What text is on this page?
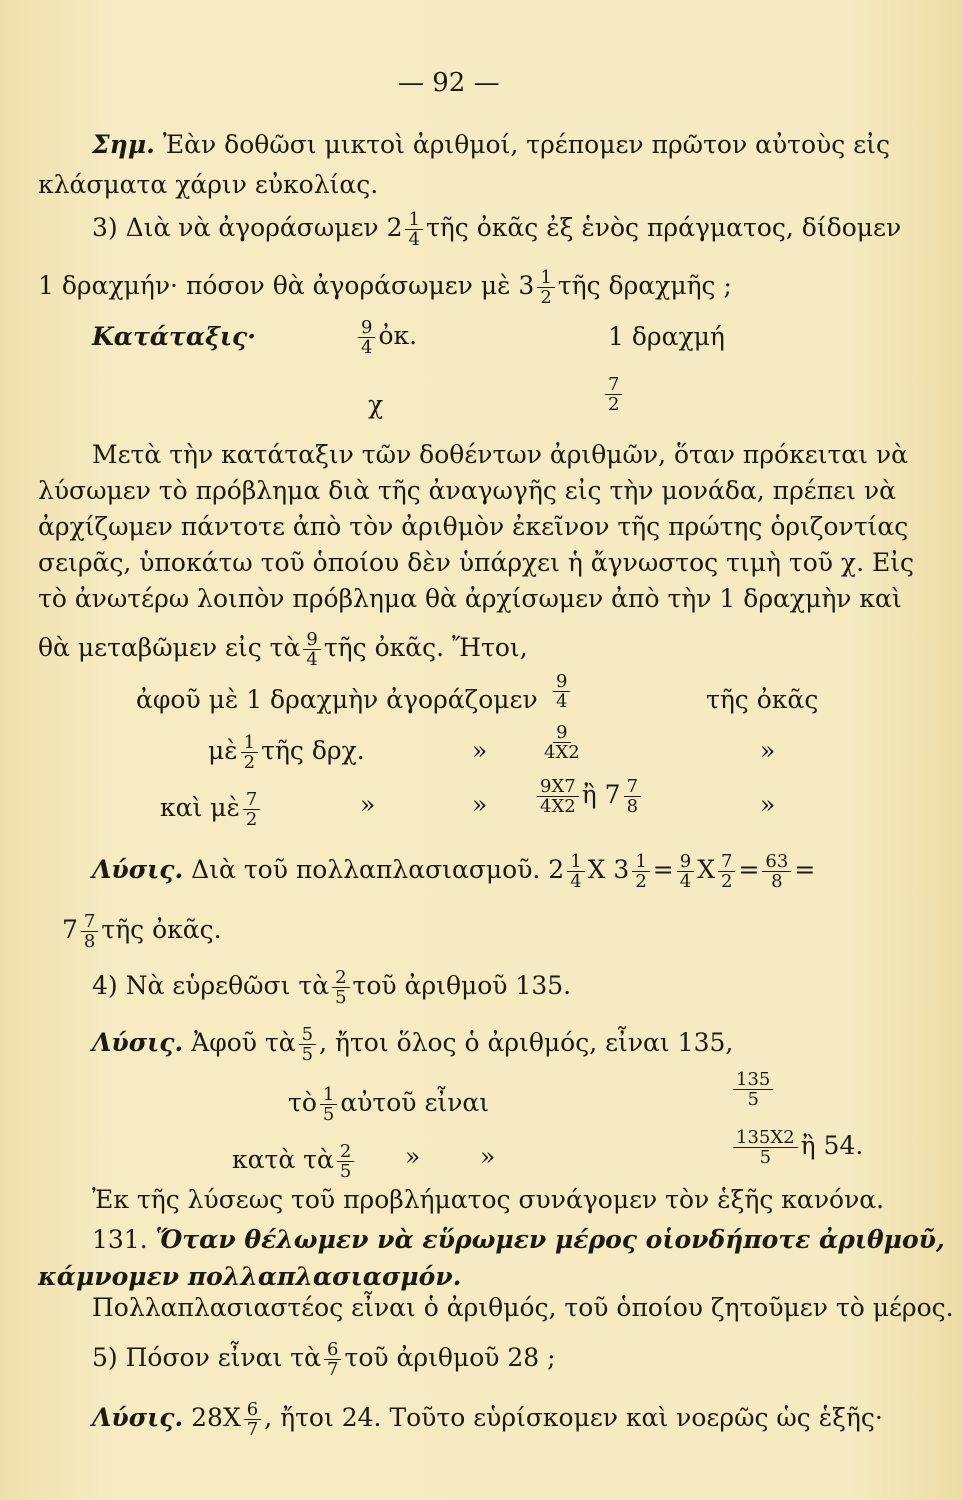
— 92 —
Σημ. Ἐὰν δοθῶσι μικτοὶ ἀριθμοί, τρέπομεν πρῶτον αὐτοὺς εἰς
κλάσματα χάριν εὐκολίας.
3) Διὰ νὰ ἀγοράσωμεν $2 \frac{1}{4}$ τῆς ὀκᾶς ἐξ ἑνὸς πράγματος, δίδομεν
1 δραχμήν· πόσον θὰ ἀγοράσωμεν μὲ $3 \frac{1}{2}$ τῆς δραχμῆς ;
Κατάταξις·	$\frac{9}{4}$ ὀκ.	1 δραχμή
χ	$\frac{7}{2}$
Μετὰ τὴν κατάταξιν τῶν δοθέντων ἀριθμῶν, ὅταν πρόκειται νὰ
λύσωμεν τὸ πρόβλημα διὰ τῆς ἀναγωγῆς εἰς τὴν μονάδα, πρέπει νὰ
ἀρχίζωμεν πάντοτε ἀπὸ τὸν ἀριθμὸν ἐκεῖνον τῆς πρώτης ὁριζοντίας
σειρᾶς, ὑποκάτω τοῦ ὁποίου δὲν ὑπάρχει ἡ ἄγνωστος τιμὴ τοῦ χ. Εἰς
τὸ ἀνωτέρω λοιπὸν πρόβλημα θὰ ἀρχίσωμεν ἀπὸ τὴν 1 δραχμὴν καὶ
θὰ μεταβῶμεν εἰς τὰ $\frac{9}{4}$ τῆς ὀκᾶς. Ἤτοι,
ἀφοῦ μὲ 1 δραχμὴν ἀγοράζομεν $\frac{9}{4}$	τῆς ὀκᾶς
μὲ $\frac{1}{2}$ τῆς δρχ.	»	$\frac{9}{4X2}$	»
καὶ μὲ $\frac{7}{2}$	»	»	$\frac{9X7}{4X2}$ ἢ $7 \frac{7}{8}$	»
Λύσις. Διὰ τοῦ πολλαπλασιασμοῦ. $2 \frac{1}{4}$ Χ $3 \frac{1}{2} = \frac{9}{4}$ Χ $\frac{7}{2} = \frac{63}{8}$ =
$7 \frac{7}{8}$ τῆς ὀκᾶς.
4) Νὰ εὑρεθῶσι τὰ $\frac{2}{5}$ τοῦ ἀριθμοῦ 135.
Λύσις. Ἀφοῦ τὰ $\frac{5}{5}$ , ἤτοι ὅλος ὁ ἀριθμός, εἶναι 135,
τὸ $\frac{1}{5}$ αὐτοῦ εἶναι	$\frac{135}{5}$
κατὰ τὰ $\frac{2}{5}$ » »	$\frac{135X2}{5}$ ἢ 54.
Ἐκ τῆς λύσεως τοῦ προβλήματος συνάγομεν τὸν ἑξῆς κανόνα.
131. Ὅταν θέλωμεν νὰ εὕρωμεν μέρος οἱονδήποτε ἀριθμοῦ,
κάμνομεν πολλαπλασιασμόν.
Πολλαπλασιαστέος εἶναι ὁ ἀριθμός, τοῦ ὁποίου ζητοῦμεν τὸ μέρος.
5) Πόσον εἶναι τὰ $\frac{6}{7}$ τοῦ ἀριθμοῦ 28 ;
Λύσις. $28X \frac{6}{7}$ , ἤτοι 24. Τοῦτο εὑρίσκομεν καὶ νοερῶς ὡς ἑξῆς·
